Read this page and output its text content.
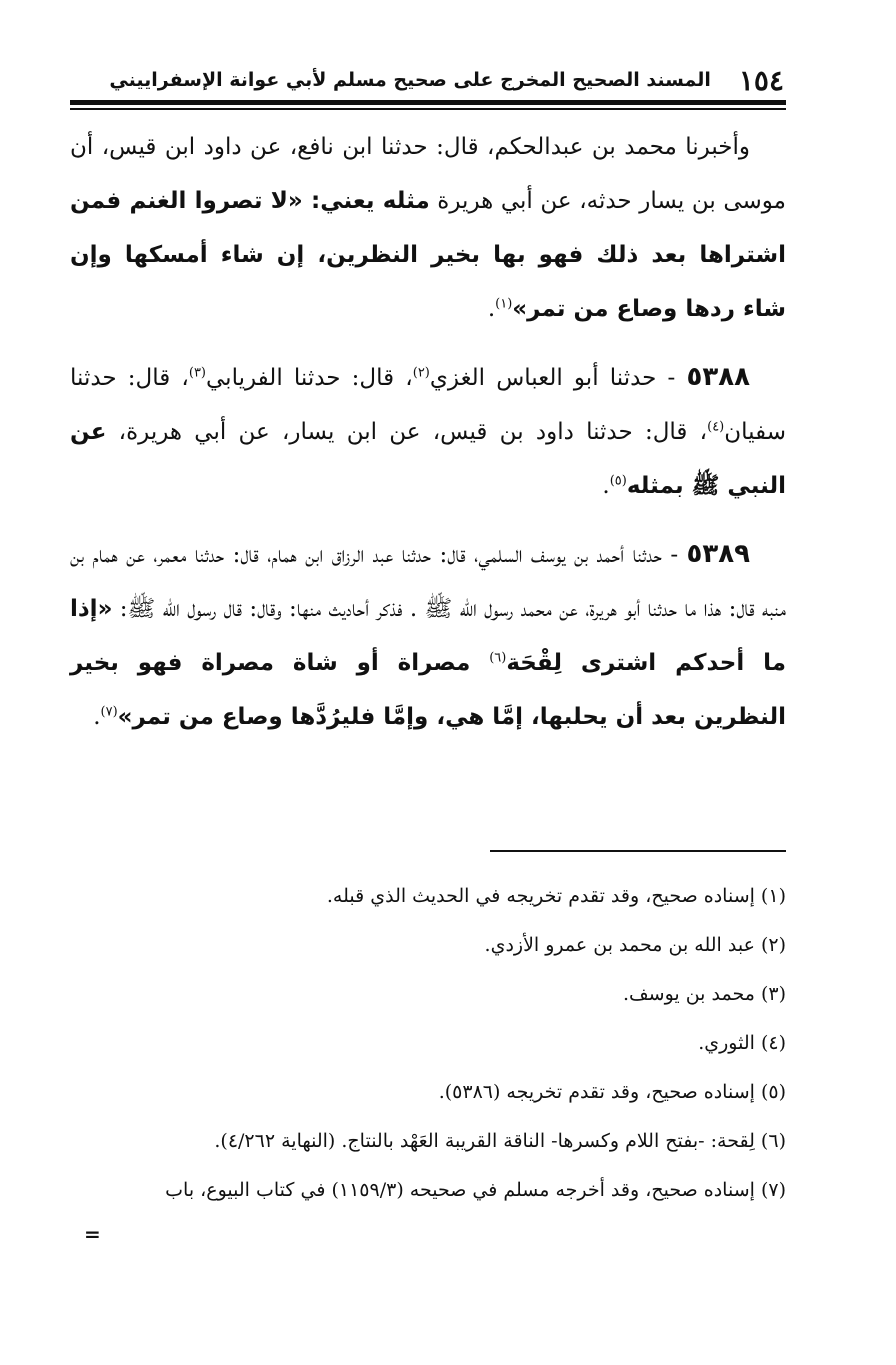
١٥٤
المسند الصحيح المخرج على صحيح مسلم لأبي عوانة الإسفراييني

وأخبرنا محمد بن عبدالحكم، قال: حدثنا ابن نافع، عن داود ابن قيس، أن موسى بن يسار حدثه، عن أبي هريرة مثله يعني: «لا تصروا الغنم فمن اشتراها بعد ذلك فهو بها بخير النظرين، إن شاء أمسكها وإن شاء ردها وصاع من تمر»$^{(١)}$.

٥٣٨٨ - حدثنا أبو العباس الغزي$^{(٢)}$، قال: حدثنا الفريابي$^{(٣)}$، قال: حدثنا سفيان$^{(٤)}$، قال: حدثنا داود بن قيس، عن ابن يسار، عن أبي هريرة، عن النبي ﷺ بمثله$^{(٥)}$.

٥٣٨٩ - حدثنا أحمد بن يوسف السلمي، قال: حدثنا عبد الرزاق ابن همام، قال: حدثنا معمر، عن همام بن منبه قال: هذا ما حدثنا أبو هريرة، عن محمد رسول الله ﷺ . فذكر أحاديث منها: وقال: قال رسول الله ﷺ: «إذا ما أحدكم اشترى لِقْحَة$^{(٦)}$ مصراة أو شاة مصراة فهو بخير النظرين بعد أن يحلبها، إمَّا هي، وإمَّا فليرُدَّها وصاع من تمر»$^{(٧)}$.

(١) إسناده صحيح، وقد تقدم تخريجه في الحديث الذي قبله.

(٢) عبد الله بن محمد بن عمرو الأزدي.

(٣) محمد بن يوسف.

(٤) الثوري.

(٥) إسناده صحيح، وقد تقدم تخريجه (٥٣٨٦).

(٦) لِقحة: -بفتح اللام وكسرها- الناقة القريبة العَهْد بالنتاج. (النهاية ٤/٢٦٢).

(٧) إسناده صحيح، وقد أخرجه مسلم في صحيحه (١١٥٩/٣) في كتاب البيوع، باب

=
